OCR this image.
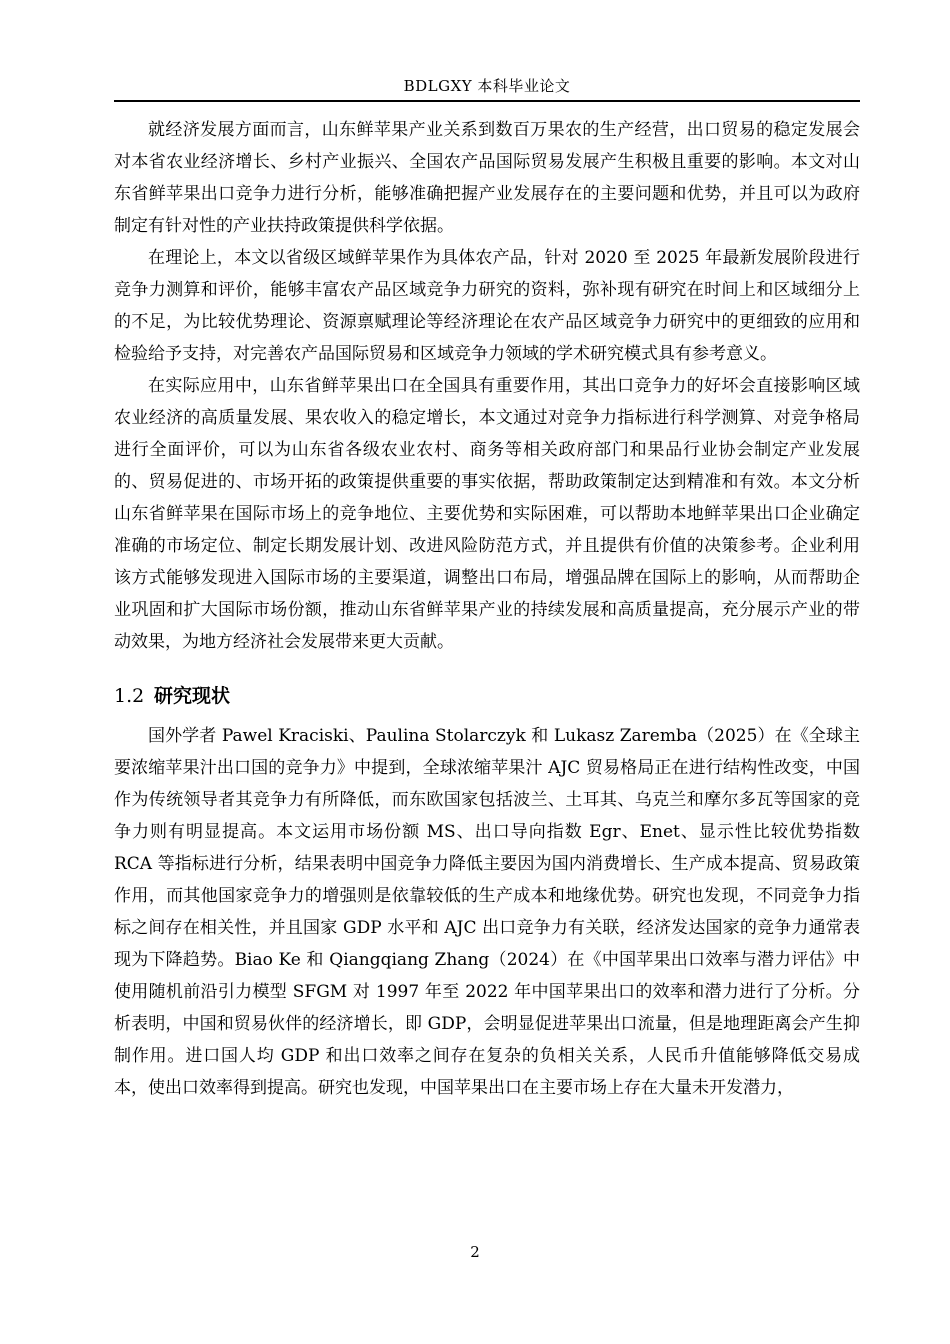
BDLGXY 本科毕业论文

就经济发展方面而言，山东鲜苹果产业关系到数百万果农的生产经营，出口贸易的稳定发展会对本省农业经济增长、乡村产业振兴、全国农产品国际贸易发展产生积极且重要的影响。本文对山东省鲜苹果出口竞争力进行分析，能够准确把握产业发展存在的主要问题和优势，并且可以为政府制定有针对性的产业扶持政策提供科学依据。

在理论上，本文以省级区域鲜苹果作为具体农产品，针对 2020 至 2025 年最新发展阶段进行竞争力测算和评价，能够丰富农产品区域竞争力研究的资料，弥补现有研究在时间上和区域细分上的不足，为比较优势理论、资源禀赋理论等经济理论在农产品区域竞争力研究中的更细致的应用和检验给予支持，对完善农产品国际贸易和区域竞争力领域的学术研究模式具有参考意义。

在实际应用中，山东省鲜苹果出口在全国具有重要作用，其出口竞争力的好坏会直接影响区域农业经济的高质量发展、果农收入的稳定增长，本文通过对竞争力指标进行科学测算、对竞争格局进行全面评价，可以为山东省各级农业农村、商务等相关政府部门和果品行业协会制定产业发展的、贸易促进的、市场开拓的政策提供重要的事实依据，帮助政策制定达到精准和有效。本文分析山东省鲜苹果在国际市场上的竞争地位、主要优势和实际困难，可以帮助本地鲜苹果出口企业确定准确的市场定位、制定长期发展计划、改进风险防范方式，并且提供有价值的决策参考。企业利用该方式能够发现进入国际市场的主要渠道，调整出口布局，增强品牌在国际上的影响，从而帮助企业巩固和扩大国际市场份额，推动山东省鲜苹果产业的持续发展和高质量提高，充分展示产业的带动效果，为地方经济社会发展带来更大贡献。

1.2 研究现状

国外学者 Pawel Kraciski、Paulina Stolarczyk 和 Lukasz Zaremba（2025）在《全球主要浓缩苹果汁出口国的竞争力》中提到，全球浓缩苹果汁 AJC 贸易格局正在进行结构性改变，中国作为传统领导者其竞争力有所降低，而东欧国家包括波兰、土耳其、乌克兰和摩尔多瓦等国家的竞争力则有明显提高。本文运用市场份额 MS、出口导向指数 Egr、Enet、显示性比较优势指数 RCA 等指标进行分析，结果表明中国竞争力降低主要因为国内消费增长、生产成本提高、贸易政策作用，而其他国家竞争力的增强则是依靠较低的生产成本和地缘优势。研究也发现，不同竞争力指标之间存在相关性，并且国家 GDP 水平和 AJC 出口竞争力有关联，经济发达国家的竞争力通常表现为下降趋势。Biao Ke 和 Qiangqiang Zhang（2024）在《中国苹果出口效率与潜力评估》中使用随机前沿引力模型 SFGM 对 1997 年至 2022 年中国苹果出口的效率和潜力进行了分析。分析表明，中国和贸易伙伴的经济增长，即 GDP，会明显促进苹果出口流量，但是地理距离会产生抑制作用。进口国人均 GDP 和出口效率之间存在复杂的负相关关系，人民币升值能够降低交易成本，使出口效率得到提高。研究也发现，中国苹果出口在主要市场上存在大量未开发潜力，

2
